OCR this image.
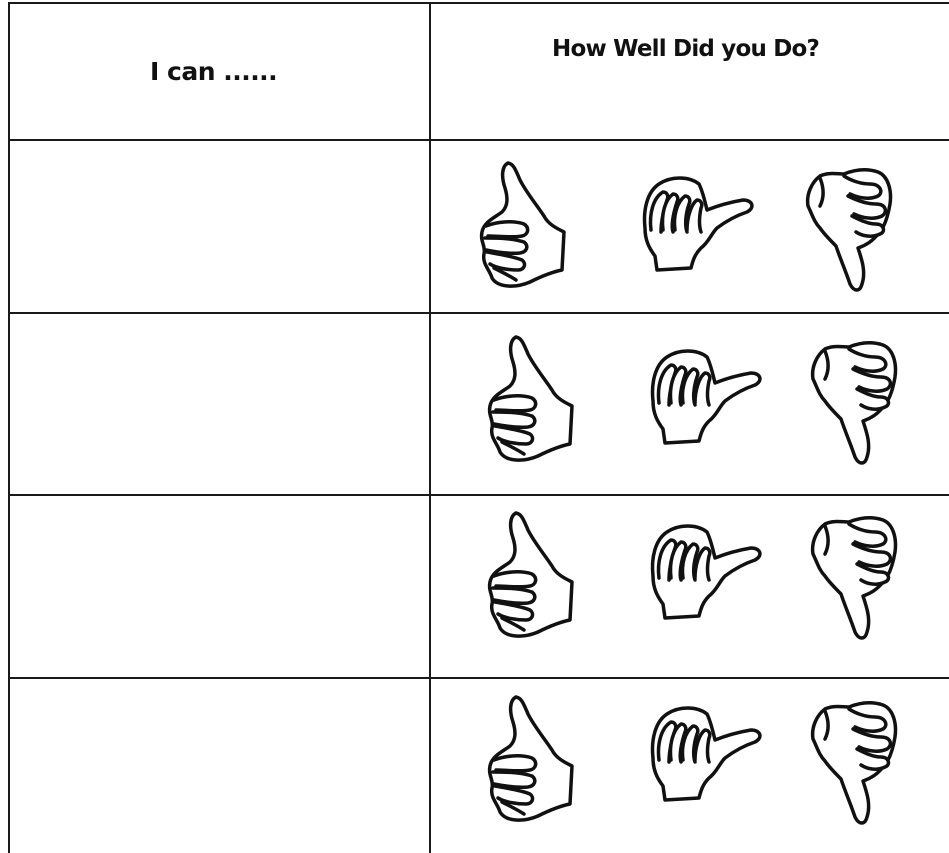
I can ......
How Well Did you Do?
